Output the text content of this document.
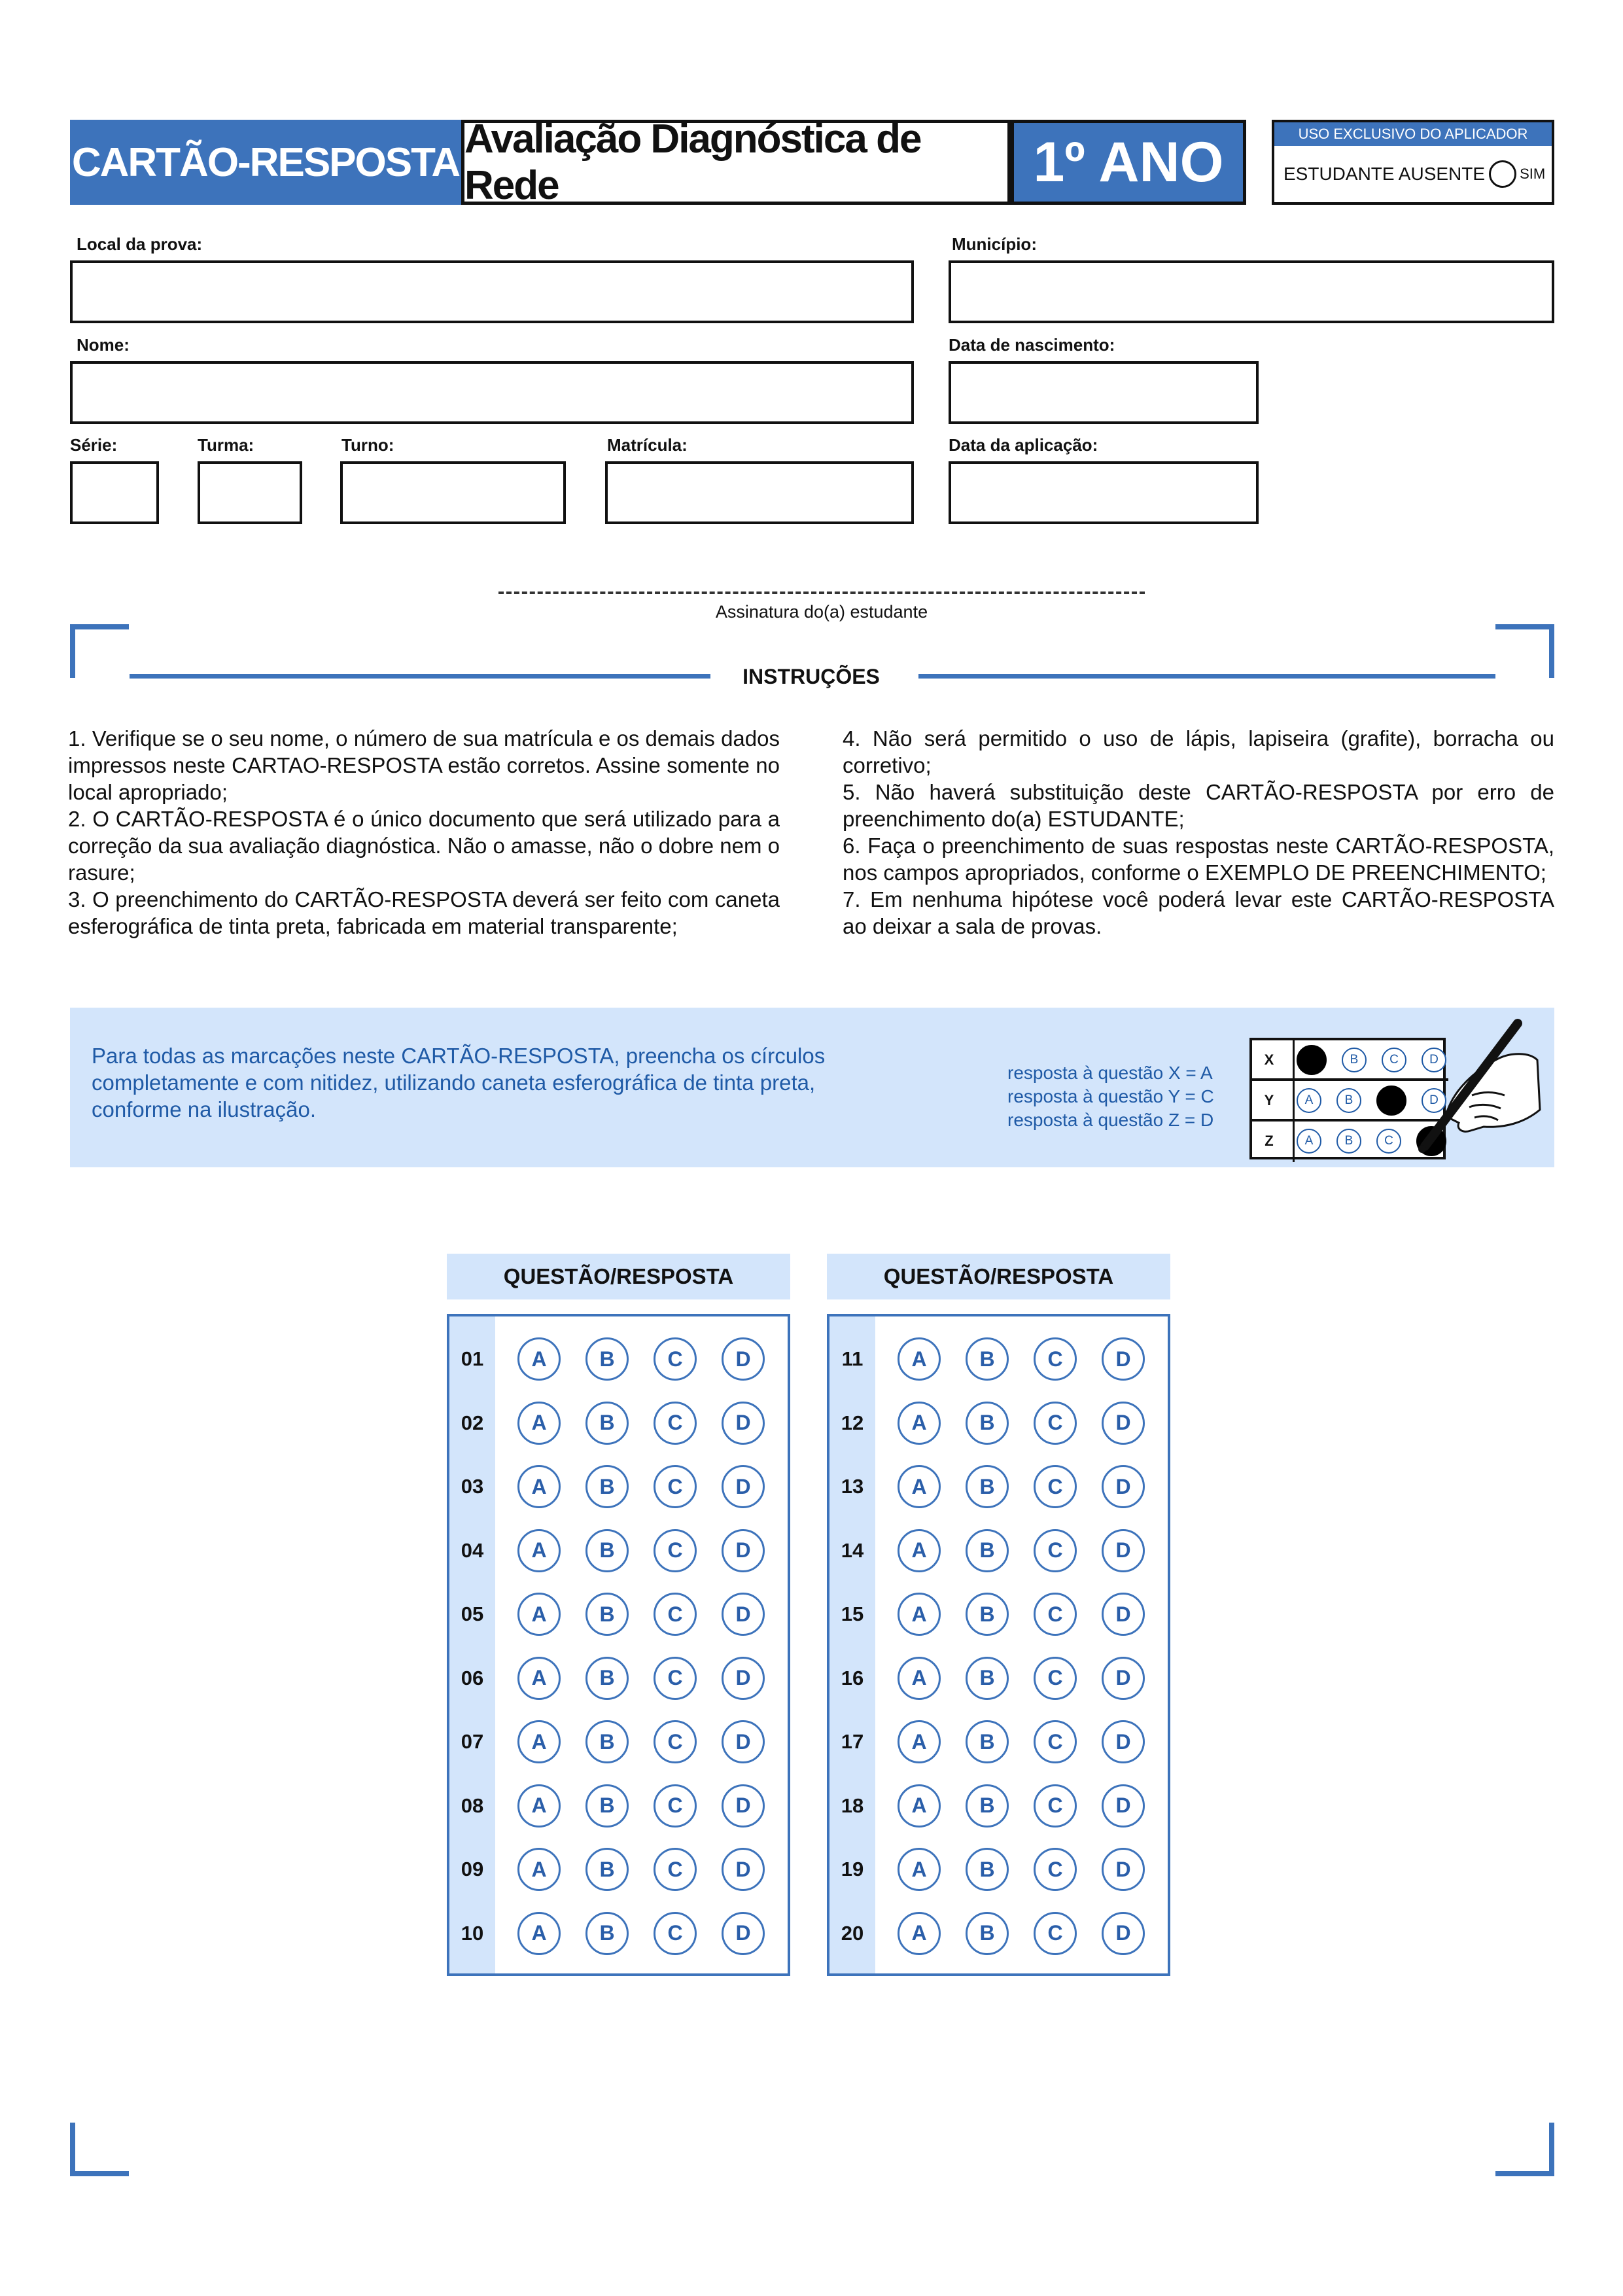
CARTÃO-RESPOSTA
Avaliação Diagnóstica de Rede	1º ANO	USO EXCLUSIVO DO APLICADOR
ESTUDANTE AUSENTE SIM
Local da prova:	Município:
Nome:	Data de nascimento:
Série:	Turma:	Turno:	Matrícula:	Data da aplicação:
Assinatura do(a) estudante
INSTRUÇÕES
1. Verifique se o seu nome, o número de sua matrícula e os demais dados impressos neste CARTAO-RESPOSTA estão corretos. Assine somente no local apropriado;
2. O CARTÃO-RESPOSTA é o único documento que será utilizado para a correção da sua avaliação diagnóstica. Não o amasse, não o dobre nem o rasure;
3. O preenchimento do CARTÃO-RESPOSTA deverá ser feito com caneta esferográfica de tinta preta, fabricada em material transparente;
4. Não será permitido o uso de lápis, lapiseira (grafite), borracha ou corretivo;
5. Não haverá substituição deste CARTÃO-RESPOSTA por erro de preenchimento do(a) ESTUDANTE;
6. Faça o preenchimento de suas respostas neste CARTÃO-RESPOSTA, nos campos apropriados, conforme o EXEMPLO DE PREENCHIMENTO;
7. Em nenhuma hipótese você poderá levar este CARTÃO-RESPOSTA ao deixar a sala de provas.
Para todas as marcações neste CARTÃO-RESPOSTA, preencha os círculos completamente e com nitidez, utilizando caneta esferográfica de tinta preta, conforme na ilustração.
resposta à questão X = A
resposta à questão Y = C
resposta à questão Z = D
X	B	C	D
Y	A	B	D
Z	A	B	C
QUESTÃO/RESPOSTA	QUESTÃO/RESPOSTA
01	A	B	C	D
02	A	B	C	D
03	A	B	C	D
04	A	B	C	D
05	A	B	C	D
06	A	B	C	D
07	A	B	C	D
08	A	B	C	D
09	A	B	C	D
10	A	B	C	D
11	A	B	C	D
12	A	B	C	D
13	A	B	C	D
14	A	B	C	D
15	A	B	C	D
16	A	B	C	D
17	A	B	C	D
18	A	B	C	D
19	A	B	C	D
20	A	B	C	D
